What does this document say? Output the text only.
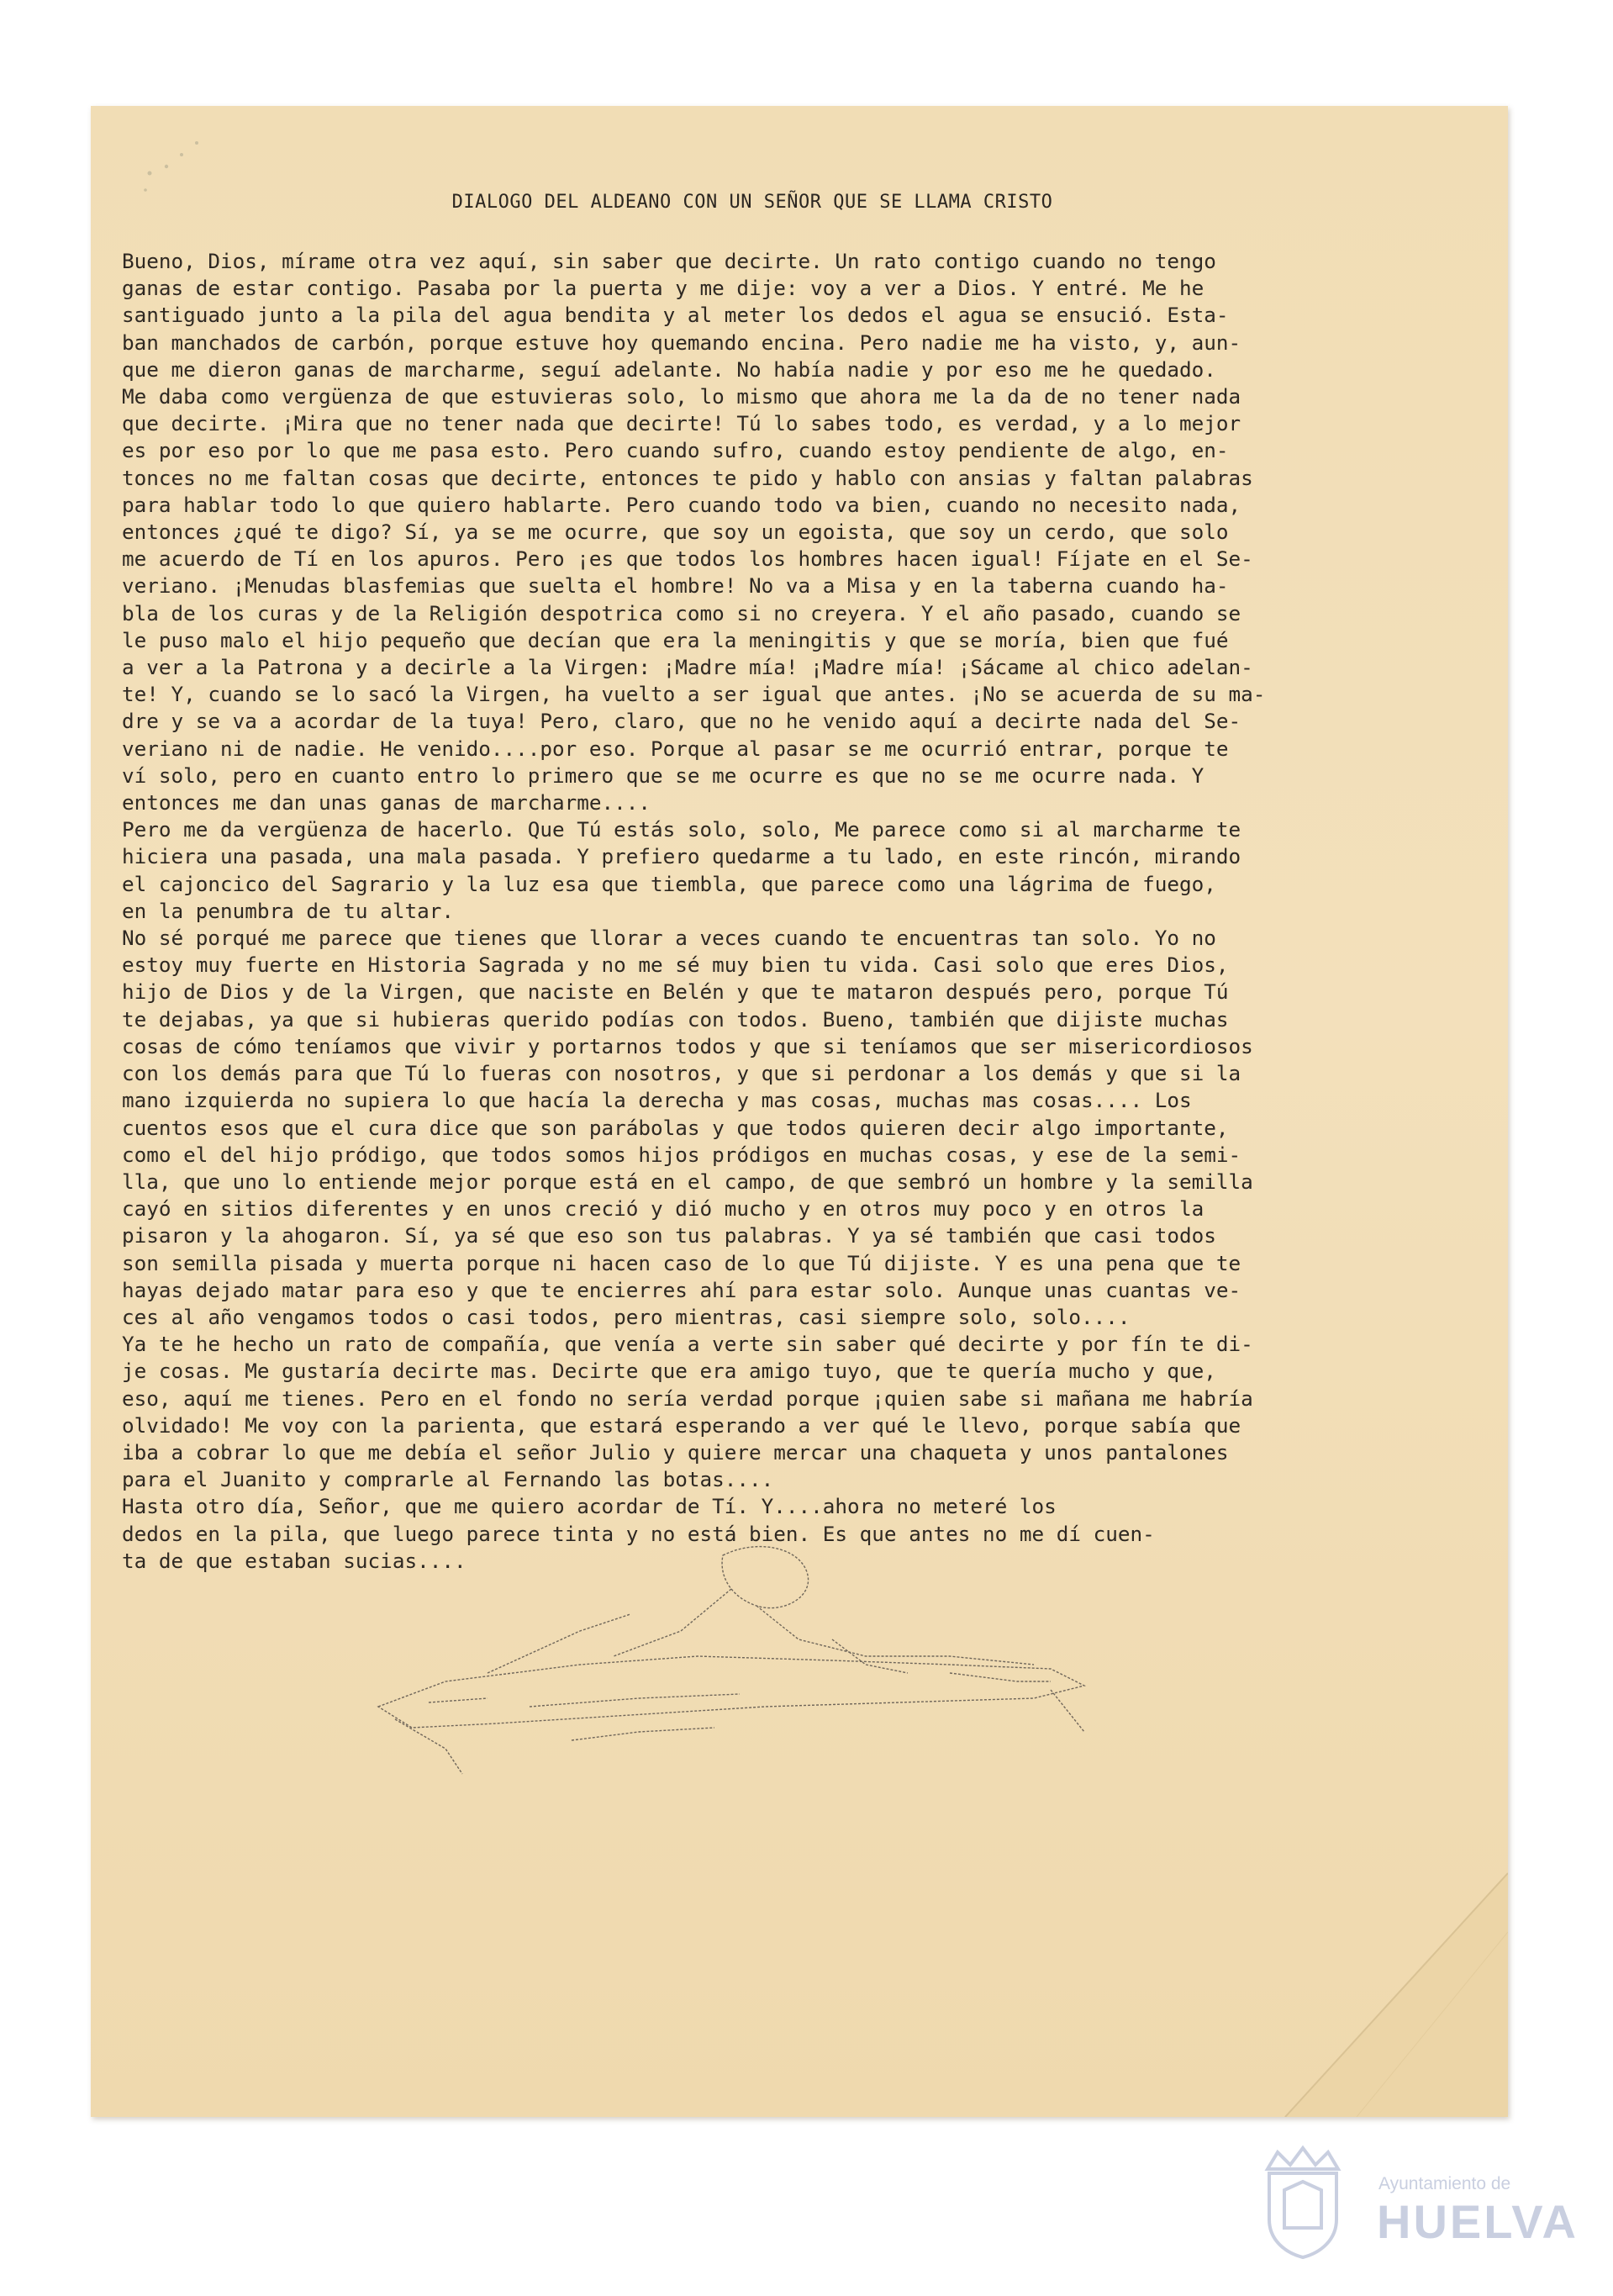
DIALOGO DEL ALDEANO CON UN SEÑOR QUE SE LLAMA CRISTO
Bueno, Dios, mírame otra vez aquí, sin saber que decirte. Un rato contigo cuando no tengo
ganas de estar contigo. Pasaba por la puerta y me dije: voy a ver a Dios. Y entré. Me he
santiguado junto a la pila del agua bendita y al meter los dedos el agua se ensució. Esta-
ban manchados de carbón, porque estuve hoy quemando encina. Pero nadie me ha visto, y, aun-
que me dieron ganas de marcharme, seguí adelante. No había nadie y por eso me he quedado.
Me daba como vergüenza de que estuvieras solo, lo mismo que ahora me la da de no tener nada
que decirte. ¡Mira que no tener nada que decirte! Tú lo sabes todo, es verdad, y a lo mejor
es por eso por lo que me pasa esto. Pero cuando sufro, cuando estoy pendiente de algo, en-
tonces no me faltan cosas que decirte, entonces te pido y hablo con ansias y faltan palabras
para hablar todo lo que quiero hablarte. Pero cuando todo va bien, cuando no necesito nada,
entonces ¿qué te digo? Sí, ya se me ocurre, que soy un egoista, que soy un cerdo, que solo
me acuerdo de Tí en los apuros. Pero ¡es que todos los hombres hacen igual! Fíjate en el Se-
veriano. ¡Menudas blasfemias que suelta el hombre! No va a Misa y en la taberna cuando ha-
bla de los curas y de la Religión despotrica como si no creyera. Y el año pasado, cuando se
le puso malo el hijo pequeño que decían que era la meningitis y que se moría, bien que fué
a ver a la Patrona y a decirle a la Virgen: ¡Madre mía! ¡Madre mía! ¡Sácame al chico adelan-
te! Y, cuando se lo sacó la Virgen, ha vuelto a ser igual que antes. ¡No se acuerda de su ma-
dre y se va a acordar de la tuya! Pero, claro, que no he venido aquí a decirte nada del Se-
veriano ni de nadie. He venido....por eso. Porque al pasar se me ocurrió entrar, porque te
ví solo, pero en cuanto entro lo primero que se me ocurre es que no se me ocurre nada. Y
entonces me dan unas ganas de marcharme....
Pero me da vergüenza de hacerlo. Que Tú estás solo, solo, Me parece como si al marcharme te
hiciera una pasada, una mala pasada. Y prefiero quedarme a tu lado, en este rincón, mirando
el cajoncico del Sagrario y la luz esa que tiembla, que parece como una lágrima de fuego,
en la penumbra de tu altar.
No sé porqué me parece que tienes que llorar a veces cuando te encuentras tan solo. Yo no
estoy muy fuerte en Historia Sagrada y no me sé muy bien tu vida. Casi solo que eres Dios,
hijo de Dios y de la Virgen, que naciste en Belén y que te mataron después pero, porque Tú
te dejabas, ya que si hubieras querido podías con todos. Bueno, también que dijiste muchas
cosas de cómo teníamos que vivir y portarnos todos y que si teníamos que ser misericordiosos
con los demás para que Tú lo fueras con nosotros, y que si perdonar a los demás y que si la
mano izquierda no supiera lo que hacía la derecha y mas cosas, muchas mas cosas.... Los
cuentos esos que el cura dice que son parábolas y que todos quieren decir algo importante,
como el del hijo pródigo, que todos somos hijos pródigos en muchas cosas, y ese de la semi-
lla, que uno lo entiende mejor porque está en el campo, de que sembró un hombre y la semilla
cayó en sitios diferentes y en unos creció y dió mucho y en otros muy poco y en otros la
pisaron y la ahogaron. Sí, ya sé que eso son tus palabras. Y ya sé también que casi todos
son semilla pisada y muerta porque ni hacen caso de lo que Tú dijiste. Y es una pena que te
hayas dejado matar para eso y que te encierres ahí para estar solo. Aunque unas cuantas ve-
ces al año vengamos todos o casi todos, pero mientras, casi siempre solo, solo....
Ya te he hecho un rato de compañía, que venía a verte sin saber qué decirte y por fín te di-
je cosas. Me gustaría decirte mas. Decirte que era amigo tuyo, que te quería mucho y que,
eso, aquí me tienes. Pero en el fondo no sería verdad porque ¡quien sabe si mañana me habría
olvidado! Me voy con la parienta, que estará esperando a ver qué le llevo, porque sabía que
iba a cobrar lo que me debía el señor Julio y quiere mercar una chaqueta y unos pantalones
para el Juanito y comprarle al Fernando las botas....
Hasta otro día, Señor, que me quiero acordar de Tí. Y....ahora no meteré los
dedos en la pila, que luego parece tinta y no está bien. Es que antes no me dí cuen-
ta de que estaban sucias....
Ayuntamiento de
HUELVA
